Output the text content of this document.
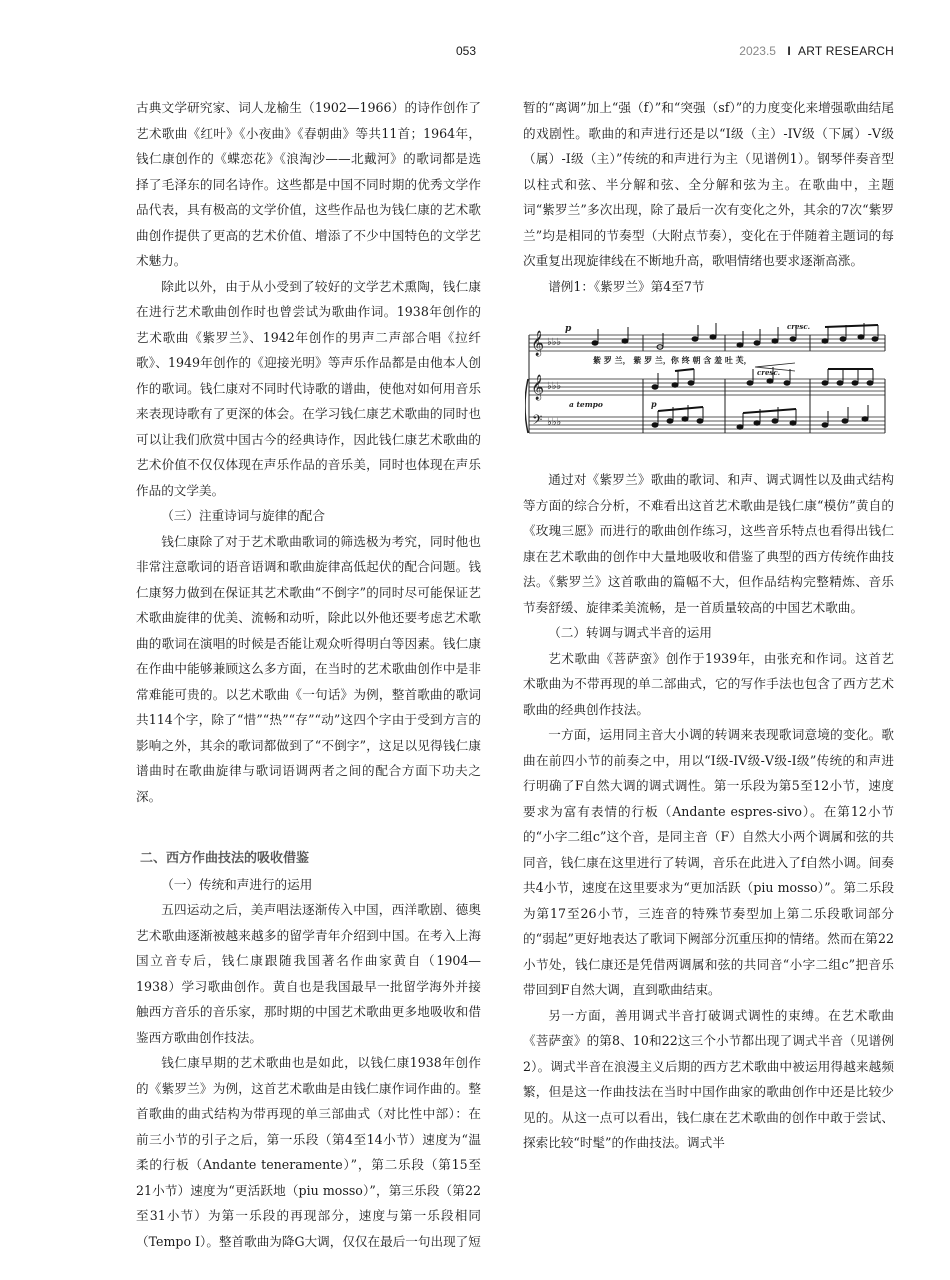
053	2023.5 I ART RESEARCH

古典文学研究家、词人龙榆生（1902—1966）的诗作创作了艺术歌曲《红叶》《小夜曲》《春朝曲》等共11首；1964年，钱仁康创作的《蝶恋花》《浪淘沙——北戴河》的歌词都是选择了毛泽东的同名诗作。这些都是中国不同时期的优秀文学作品代表，具有极高的文学价值，这些作品也为钱仁康的艺术歌曲创作提供了更高的艺术价值、增添了不少中国特色的文学艺术魅力。

除此以外，由于从小受到了较好的文学艺术熏陶，钱仁康在进行艺术歌曲创作时也曾尝试为歌曲作词。1938年创作的艺术歌曲《紫罗兰》、1942年创作的男声二声部合唱《拉纤歌》、1949年创作的《迎接光明》等声乐作品都是由他本人创作的歌词。钱仁康对不同时代诗歌的谱曲，使他对如何用音乐来表现诗歌有了更深的体会。在学习钱仁康艺术歌曲的同时也可以让我们欣赏中国古今的经典诗作，因此钱仁康艺术歌曲的艺术价值不仅仅体现在声乐作品的音乐美，同时也体现在声乐作品的文学美。

（三）注重诗词与旋律的配合

钱仁康除了对于艺术歌曲歌词的筛选极为考究，同时他也非常注意歌词的语音语调和歌曲旋律高低起伏的配合问题。钱仁康努力做到在保证其艺术歌曲“不倒字”的同时尽可能保证艺术歌曲旋律的优美、流畅和动听，除此以外他还要考虑艺术歌曲的歌词在演唱的时候是否能让观众听得明白等因素。钱仁康在作曲中能够兼顾这么多方面，在当时的艺术歌曲创作中是非常难能可贵的。以艺术歌曲《一句话》为例，整首歌曲的歌词共114个字，除了“惜”“热”“存”“动”这四个字由于受到方言的影响之外，其余的歌词都做到了“不倒字”，这足以见得钱仁康谱曲时在歌曲旋律与歌词语调两者之间的配合方面下功夫之深。

二、西方作曲技法的吸收借鉴

（一）传统和声进行的运用

五四运动之后，美声唱法逐渐传入中国，西洋歌剧、德奥艺术歌曲逐渐被越来越多的留学青年介绍到中国。在考入上海国立音专后，钱仁康跟随我国著名作曲家黄自（1904—1938）学习歌曲创作。黄自也是我国最早一批留学海外并接触西方音乐的音乐家，那时期的中国艺术歌曲更多地吸收和借鉴西方歌曲创作技法。

钱仁康早期的艺术歌曲也是如此，以钱仁康1938年创作的《紫罗兰》为例，这首艺术歌曲是由钱仁康作词作曲的。整首歌曲的曲式结构为带再现的单三部曲式（对比性中部）：在前三小节的引子之后，第一乐段（第4至14小节）速度为“温柔的行板（Andante teneramente）”，第二乐段（第15至21小节）速度为“更活跃地（piu mosso）”，第三乐段（第22至31小节）为第一乐段的再现部分，速度与第一乐段相同（Tempo I）。整首歌曲为降G大调，仅仅在最后一句出现了短

暂的“离调”加上“强（f）”和“突强（sf）”的力度变化来增强歌曲结尾的戏剧性。歌曲的和声进行还是以“I级（主）-IV级（下属）-V级（属）-I级（主）”传统的和声进行为主（见谱例1）。钢琴伴奏音型以柱式和弦、半分解和弦、全分解和弦为主。在歌曲中，主题词“紫罗兰”多次出现，除了最后一次有变化之外，其余的7次“紫罗兰”均是相同的节奏型（大附点节奏），变化在于伴随着主题词的每次重复出现旋律线在不断地升高，歌唱情绪也要求逐渐高涨。

谱例1：《紫罗兰》第4至7节

𝄞
𝄞
𝄢
♭♭♭
♭♭♭
♭♭♭
p	cresc.
cresc.
a tempo	p
紫 罗 兰， 紫 罗 兰，你 终 朝 含 羞 吐 芙，

通过对《紫罗兰》歌曲的歌词、和声、调式调性以及曲式结构等方面的综合分析，不难看出这首艺术歌曲是钱仁康“模仿”黄自的《玫瑰三愿》而进行的歌曲创作练习，这些音乐特点也看得出钱仁康在艺术歌曲的创作中大量地吸收和借鉴了典型的西方传统作曲技法。《紫罗兰》这首歌曲的篇幅不大，但作品结构完整精炼、音乐节奏舒缓、旋律柔美流畅，是一首质量较高的中国艺术歌曲。

（二）转调与调式半音的运用

艺术歌曲《菩萨蛮》创作于1939年，由张充和作词。这首艺术歌曲为不带再现的单二部曲式，它的写作手法也包含了西方艺术歌曲的经典创作技法。

一方面，运用同主音大小调的转调来表现歌词意境的变化。歌曲在前四小节的前奏之中，用以“I级-IV级-V级-I级”传统的和声进行明确了F自然大调的调式调性。第一乐段为第5至12小节，速度要求为富有表情的行板（Andante espres-sivo）。在第12小节的“小字二组c”这个音，是同主音（F）自然大小两个调属和弦的共同音，钱仁康在这里进行了转调，音乐在此进入了f自然小调。间奏共4小节，速度在这里要求为“更加活跃（piu mosso）”。第二乐段为第17至26小节，三连音的特殊节奏型加上第二乐段歌词部分的“弱起”更好地表达了歌词下阙部分沉重压抑的情绪。然而在第22小节处，钱仁康还是凭借两调属和弦的共同音“小字二组c”把音乐带回到F自然大调，直到歌曲结束。

另一方面，善用调式半音打破调式调性的束缚。在艺术歌曲《菩萨蛮》的第8、10和22这三个小节都出现了调式半音（见谱例2）。调式半音在浪漫主义后期的西方艺术歌曲中被运用得越来越频繁，但是这一作曲技法在当时中国作曲家的歌曲创作中还是比较少见的。从这一点可以看出，钱仁康在艺术歌曲的创作中敢于尝试、探索比较“时髦”的作曲技法。调式半
